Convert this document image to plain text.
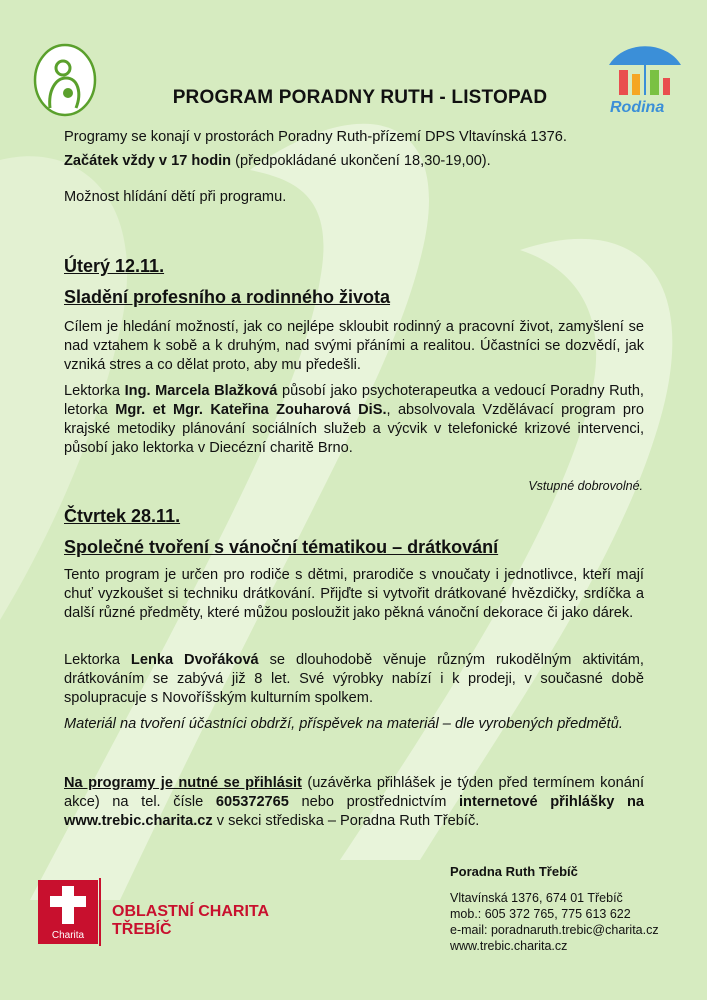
Rodina
PROGRAM PORADNY RUTH - LISTOPAD
Programy se konají v prostorách Poradny Ruth-přízemí DPS Vltavínská 1376.
Začátek vždy v 17 hodin (předpokládané ukončení 18,30-19,00).
Možnost hlídání dětí při programu.
Úterý 12.11.
Sladění profesního a rodinného života
Cílem je hledání možností, jak co nejlépe skloubit rodinný a pracovní život, zamyšlení se nad vztahem k sobě a k druhým, nad svými přáními a realitou. Účastníci se dozvědí, jak vzniká stres a co dělat proto, aby mu předešli.
Lektorka Ing. Marcela Blažková působí jako psychoterapeutka a vedoucí Poradny Ruth, letorka Mgr. et Mgr. Kateřina Zouharová DiS., absolvovala Vzdělávací program pro krajské metodiky plánování sociálních služeb a výcvik v telefonické krizové intervenci, působí jako lektorka v Diecézní charitě Brno.
Vstupné dobrovolné.
Čtvrtek 28.11.
Společné tvoření s vánoční tématikou – drátkování
Tento program je určen pro rodiče s dětmi, prarodiče s vnoučaty i jednotlivce, kteří mají chuť vyzkoušet si techniku drátkování. Přijďte si vytvořit drátkované hvězdičky, srdíčka a další různé předměty, které můžou posloužit jako pěkná vánoční dekorace či jako dárek.
Lektorka Lenka Dvořáková se dlouhodobě věnuje různým rukodělným aktivitám, drátkováním se zabývá již 8 let. Své výrobky nabízí i k prodeji, v současné době spolupracuje s Novoříšským kulturním spolkem.
Materiál na tvoření účastníci obdrží, příspěvek na materiál – dle vyrobených předmětů.
Na programy je nutné se přihlásit (uzávěrka přihlášek je týden před termínem konání akce) na tel. čísle 605372765 nebo prostřednictvím internetové přihlášky na www.trebic.charita.cz v sekci střediska – Poradna Ruth Třebíč.
Charita
OBLASTNÍ CHARITA
TŘEBÍČ
Poradna Ruth Třebíč
Vltavínská 1376, 674 01 Třebíč
mob.: 605 372 765, 775 613 622
e-mail: poradnaruth.trebic@charita.cz
www.trebic.charita.cz
